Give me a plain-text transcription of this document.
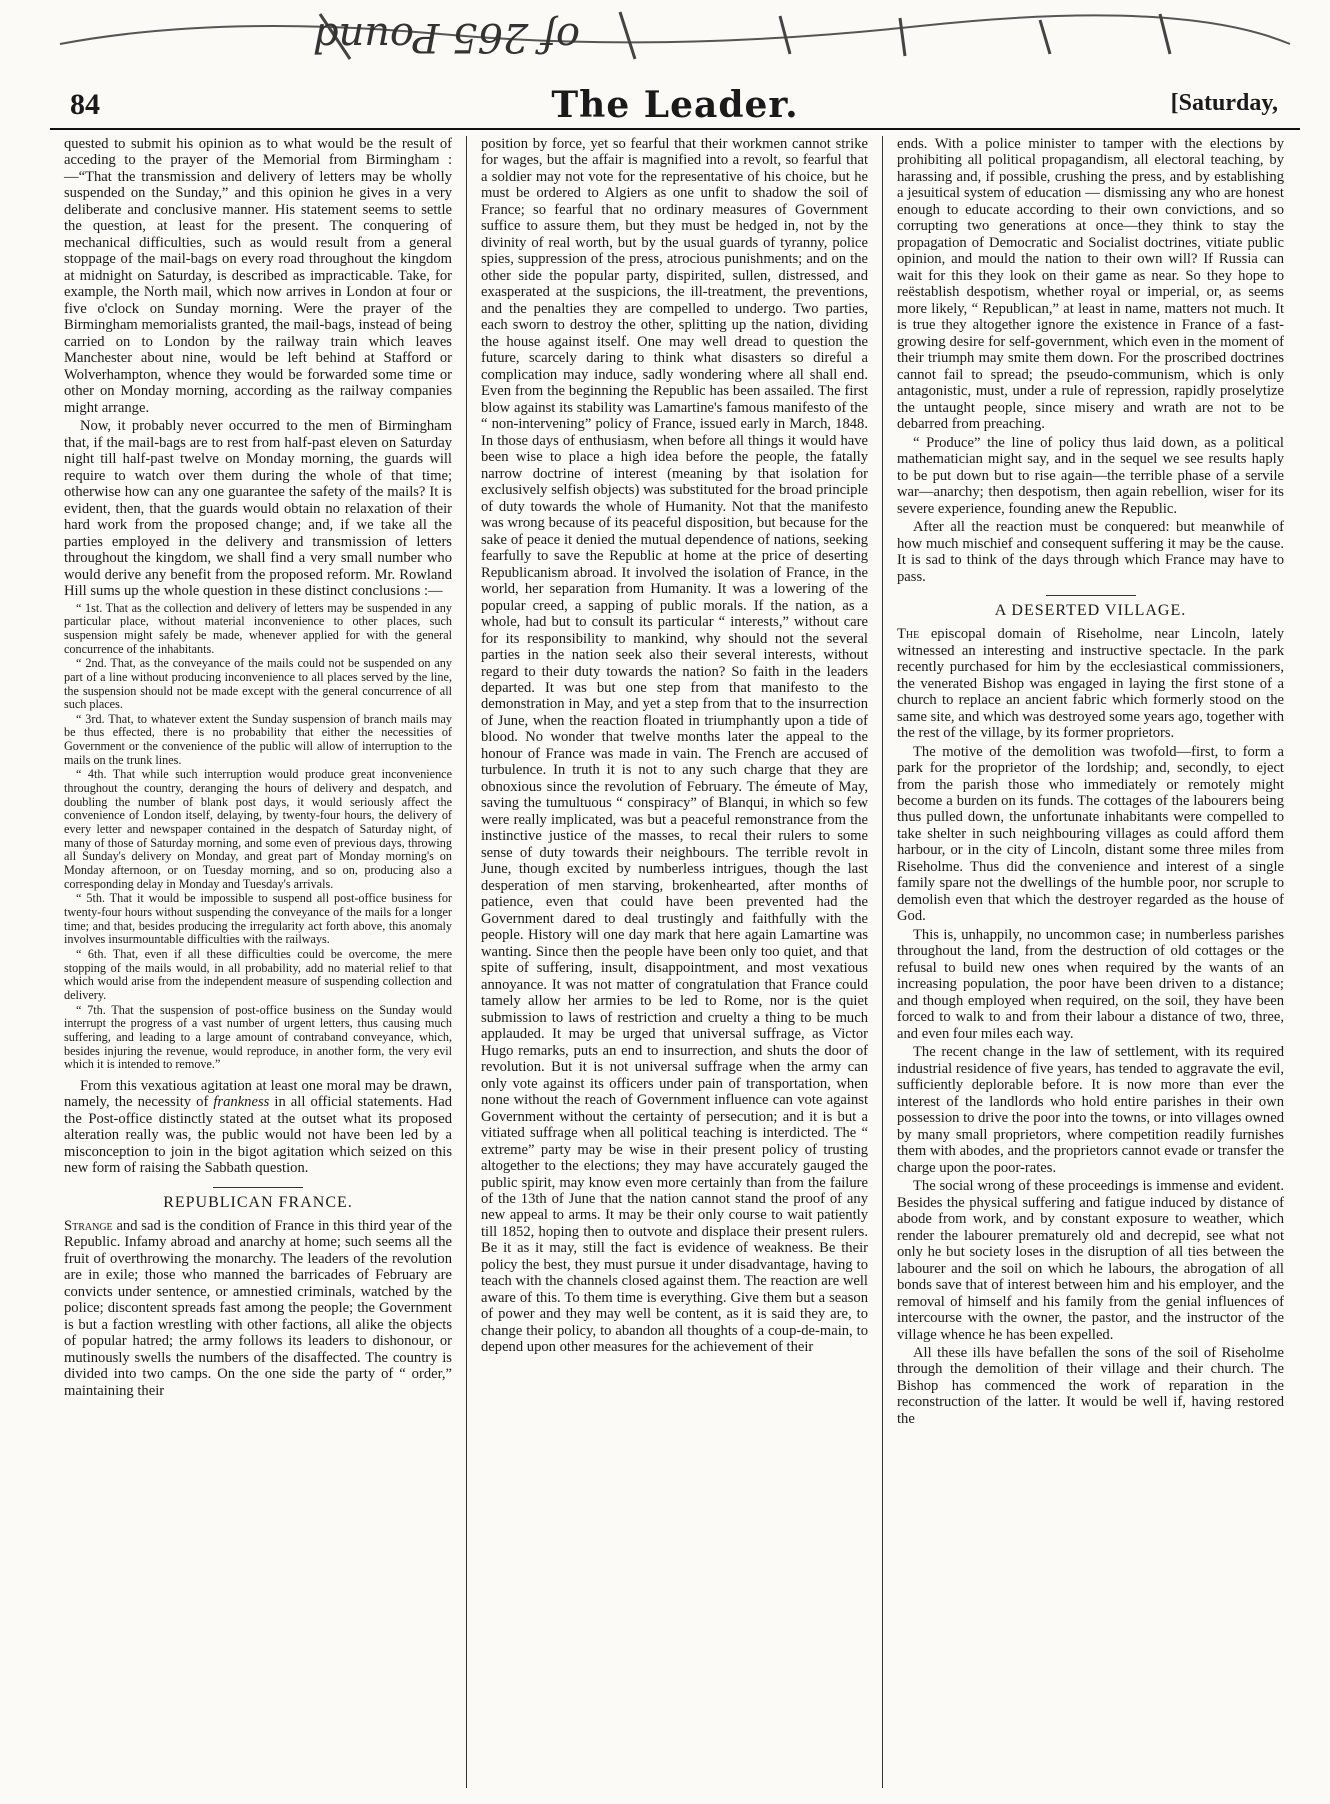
of 265 Pound
84	The Leader.	[Saturday,

quested to submit his opinion as to what would be the result of acceding to the prayer of the Memorial from Birmingham :—“That the transmission and delivery of letters may be wholly suspended on the Sunday,” and this opinion he gives in a very deliberate and conclusive manner. His statement seems to settle the question, at least for the present. The conquering of mechanical difficulties, such as would result from a general stoppage of the mail-bags on every road throughout the kingdom at midnight on Saturday, is described as impracticable. Take, for example, the North mail, which now arrives in London at four or five o'clock on Sunday morning. Were the prayer of the Birmingham memorialists granted, the mail-bags, instead of being carried on to London by the railway train which leaves Manchester about nine, would be left behind at Stafford or Wolverhampton, whence they would be forwarded some time or other on Monday morning, according as the railway companies might arrange.

Now, it probably never occurred to the men of Birmingham that, if the mail-bags are to rest from half-past eleven on Saturday night till half-past twelve on Monday morning, the guards will require to watch over them during the whole of that time; otherwise how can any one guarantee the safety of the mails? It is evident, then, that the guards would obtain no relaxation of their hard work from the proposed change; and, if we take all the parties employed in the delivery and transmission of letters throughout the kingdom, we shall find a very small number who would derive any benefit from the proposed reform. Mr. Rowland Hill sums up the whole question in these distinct conclusions :—

“ 1st. That as the collection and delivery of letters may be suspended in any particular place, without material inconvenience to other places, such suspension might safely be made, whenever applied for with the general concurrence of the inhabitants.

“ 2nd. That, as the conveyance of the mails could not be suspended on any part of a line without producing inconvenience to all places served by the line, the suspension should not be made except with the general concurrence of all such places.

“ 3rd. That, to whatever extent the Sunday suspension of branch mails may be thus effected, there is no probability that either the necessities of Government or the convenience of the public will allow of interruption to the mails on the trunk lines.

“ 4th. That while such interruption would produce great inconvenience throughout the country, deranging the hours of delivery and despatch, and doubling the number of blank post days, it would seriously affect the convenience of London itself, delaying, by twenty-four hours, the delivery of every letter and newspaper contained in the despatch of Saturday night, of many of those of Saturday morning, and some even of previous days, throwing all Sunday's delivery on Monday, and great part of Monday morning's on Monday afternoon, or on Tuesday morning, and so on, producing also a corresponding delay in Monday and Tuesday's arrivals.

“ 5th. That it would be impossible to suspend all post-office business for twenty-four hours without suspending the conveyance of the mails for a longer time; and that, besides producing the irregularity act forth above, this anomaly involves insurmountable difficulties with the railways.

“ 6th. That, even if all these difficulties could be overcome, the mere stopping of the mails would, in all probability, add no material relief to that which would arise from the independent measure of suspending collection and delivery.

“ 7th. That the suspension of post-office business on the Sunday would interrupt the progress of a vast number of urgent letters, thus causing much suffering, and leading to a large amount of contraband conveyance, which, besides injuring the revenue, would reproduce, in another form, the very evil which it is intended to remove.”

From this vexatious agitation at least one moral may be drawn, namely, the necessity of frankness in all official statements. Had the Post-office distinctly stated at the outset what its proposed alteration really was, the public would not have been led by a misconception to join in the bigot agitation which seized on this new form of raising the Sabbath question.

REPUBLICAN FRANCE.

Strange and sad is the condition of France in this third year of the Republic. Infamy abroad and anarchy at home; such seems all the fruit of overthrowing the monarchy. The leaders of the revolution are in exile; those who manned the barricades of February are convicts under sentence, or amnestied criminals, watched by the police; discontent spreads fast among the people; the Government is but a faction wrestling with other factions, all alike the objects of popular hatred; the army follows its leaders to dishonour, or mutinously swells the numbers of the disaffected. The country is divided into two camps. On the one side the party of “ order,” maintaining their

position by force, yet so fearful that their workmen cannot strike for wages, but the affair is magnified into a revolt, so fearful that a soldier may not vote for the representative of his choice, but he must be ordered to Algiers as one unfit to shadow the soil of France; so fearful that no ordinary measures of Government suffice to assure them, but they must be hedged in, not by the divinity of real worth, but by the usual guards of tyranny, police spies, suppression of the press, atrocious punishments; and on the other side the popular party, dispirited, sullen, distressed, and exasperated at the suspicions, the ill-treatment, the preventions, and the penalties they are compelled to undergo. Two parties, each sworn to destroy the other, splitting up the nation, dividing the house against itself. One may well dread to question the future, scarcely daring to think what disasters so direful a complication may induce, sadly wondering where all shall end. Even from the beginning the Republic has been assailed. The first blow against its stability was Lamartine's famous manifesto of the “ non-intervening” policy of France, issued early in March, 1848. In those days of enthusiasm, when before all things it would have been wise to place a high idea before the people, the fatally narrow doctrine of interest (meaning by that isolation for exclusively selfish objects) was substituted for the broad principle of duty towards the whole of Humanity. Not that the manifesto was wrong because of its peaceful disposition, but because for the sake of peace it denied the mutual dependence of nations, seeking fearfully to save the Republic at home at the price of deserting Republicanism abroad. It involved the isolation of France, in the world, her separation from Humanity. It was a lowering of the popular creed, a sapping of public morals. If the nation, as a whole, had but to consult its particular “ interests,” without care for its responsibility to mankind, why should not the several parties in the nation seek also their several interests, without regard to their duty towards the nation? So faith in the leaders departed. It was but one step from that manifesto to the demonstration in May, and yet a step from that to the insurrection of June, when the reaction floated in triumphantly upon a tide of blood. No wonder that twelve months later the appeal to the honour of France was made in vain. The French are accused of turbulence. In truth it is not to any such charge that they are obnoxious since the revolution of February. The émeute of May, saving the tumultuous “ conspiracy” of Blanqui, in which so few were really implicated, was but a peaceful remonstrance from the instinctive justice of the masses, to recal their rulers to some sense of duty towards their neighbours. The terrible revolt in June, though excited by numberless intrigues, though the last desperation of men starving, brokenhearted, after months of patience, even that could have been prevented had the Government dared to deal trustingly and faithfully with the people. History will one day mark that here again Lamartine was wanting. Since then the people have been only too quiet, and that spite of suffering, insult, disappointment, and most vexatious annoyance. It was not matter of congratulation that France could tamely allow her armies to be led to Rome, nor is the quiet submission to laws of restriction and cruelty a thing to be much applauded. It may be urged that universal suffrage, as Victor Hugo remarks, puts an end to insurrection, and shuts the door of revolution. But it is not universal suffrage when the army can only vote against its officers under pain of transportation, when none without the reach of Government influence can vote against Government without the certainty of persecution; and it is but a vitiated suffrage when all political teaching is interdicted. The “ extreme” party may be wise in their present policy of trusting altogether to the elections; they may have accurately gauged the public spirit, may know even more certainly than from the failure of the 13th of June that the nation cannot stand the proof of any new appeal to arms. It may be their only course to wait patiently till 1852, hoping then to outvote and displace their present rulers. Be it as it may, still the fact is evidence of weakness. Be their policy the best, they must pursue it under disadvantage, having to teach with the channels closed against them. The reaction are well aware of this. To them time is everything. Give them but a season of power and they may well be content, as it is said they are, to change their policy, to abandon all thoughts of a coup-de-main, to depend upon other measures for the achievement of their

ends. With a police minister to tamper with the elections by prohibiting all political propagandism, all electoral teaching, by harassing and, if possible, crushing the press, and by establishing a jesuitical system of education — dismissing any who are honest enough to educate according to their own convictions, and so corrupting two generations at once—they think to stay the propagation of Democratic and Socialist doctrines, vitiate public opinion, and mould the nation to their own will? If Russia can wait for this they look on their game as near. So they hope to reëstablish despotism, whether royal or imperial, or, as seems more likely, “ Republican,” at least in name, matters not much. It is true they altogether ignore the existence in France of a fast-growing desire for self-government, which even in the moment of their triumph may smite them down. For the proscribed doctrines cannot fail to spread; the pseudo-communism, which is only antagonistic, must, under a rule of repression, rapidly proselytize the untaught people, since misery and wrath are not to be debarred from preaching.

“ Produce” the line of policy thus laid down, as a political mathematician might say, and in the sequel we see results haply to be put down but to rise again—the terrible phase of a servile war—anarchy; then despotism, then again rebellion, wiser for its severe experience, founding anew the Republic.

After all the reaction must be conquered: but meanwhile of how much mischief and consequent suffering it may be the cause. It is sad to think of the days through which France may have to pass.

A DESERTED VILLAGE.

The episcopal domain of Riseholme, near Lincoln, lately witnessed an interesting and instructive spectacle. In the park recently purchased for him by the ecclesiastical commissioners, the venerated Bishop was engaged in laying the first stone of a church to replace an ancient fabric which formerly stood on the same site, and which was destroyed some years ago, together with the rest of the village, by its former proprietors.

The motive of the demolition was twofold—first, to form a park for the proprietor of the lordship; and, secondly, to eject from the parish those who immediately or remotely might become a burden on its funds. The cottages of the labourers being thus pulled down, the unfortunate inhabitants were compelled to take shelter in such neighbouring villages as could afford them harbour, or in the city of Lincoln, distant some three miles from Riseholme. Thus did the convenience and interest of a single family spare not the dwellings of the humble poor, nor scruple to demolish even that which the destroyer regarded as the house of God.

This is, unhappily, no uncommon case; in numberless parishes throughout the land, from the destruction of old cottages or the refusal to build new ones when required by the wants of an increasing population, the poor have been driven to a distance; and though employed when required, on the soil, they have been forced to walk to and from their labour a distance of two, three, and even four miles each way.

The recent change in the law of settlement, with its required industrial residence of five years, has tended to aggravate the evil, sufficiently deplorable before. It is now more than ever the interest of the landlords who hold entire parishes in their own possession to drive the poor into the towns, or into villages owned by many small proprietors, where competition readily furnishes them with abodes, and the proprietors cannot evade or transfer the charge upon the poor-rates.

The social wrong of these proceedings is immense and evident. Besides the physical suffering and fatigue induced by distance of abode from work, and by constant exposure to weather, which render the labourer prematurely old and decrepid, see what not only he but society loses in the disruption of all ties between the labourer and the soil on which he labours, the abrogation of all bonds save that of interest between him and his employer, and the removal of himself and his family from the genial influences of intercourse with the owner, the pastor, and the instructor of the village whence he has been expelled.

All these ills have befallen the sons of the soil of Riseholme through the demolition of their village and their church. The Bishop has commenced the work of reparation in the reconstruction of the latter. It would be well if, having restored the
